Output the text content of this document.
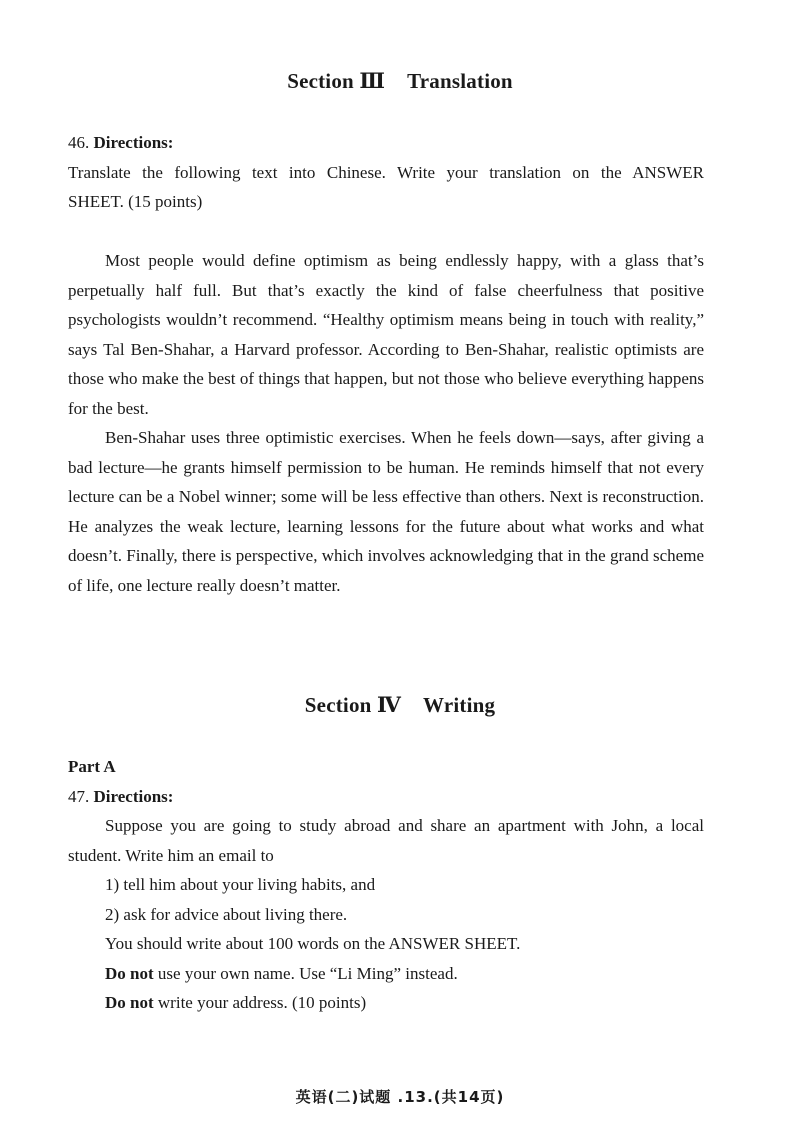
Section Ⅲ Translation
46. Directions:

Translate the following text into Chinese. Write your translation on the ANSWER

SHEET. (15 points)

Most people would define optimism as being endlessly happy, with a glass that’s perpetually half full. But that’s exactly the kind of false cheerfulness that positive psychologists wouldn’t recommend. “Healthy optimism means being in touch with reality,” says Tal Ben-Shahar, a Harvard professor. According to Ben-Shahar, realistic optimists are those who make the best of things that happen, but not those who believe everything happens for the best.

Ben-Shahar uses three optimistic exercises. When he feels down—says, after giving a bad lecture—he grants himself permission to be human. He reminds himself that not every lecture can be a Nobel winner; some will be less effective than others. Next is reconstruction. He analyzes the weak lecture, learning lessons for the future about what works and what doesn’t. Finally, there is perspective, which involves acknowledging that in the grand scheme of life, one lecture really doesn’t matter.

Section Ⅳ Writing
Part A
47. Directions:

Suppose you are going to study abroad and share an apartment with John, a local student. Write him an email to

1) tell him about your living habits, and
2) ask for advice about living there.
You should write about 100 words on the ANSWER SHEET.
Do not use your own name. Use “Li Ming” instead.
Do not write your address. (10 points)
英语(二)试题 .13.(共14页)
